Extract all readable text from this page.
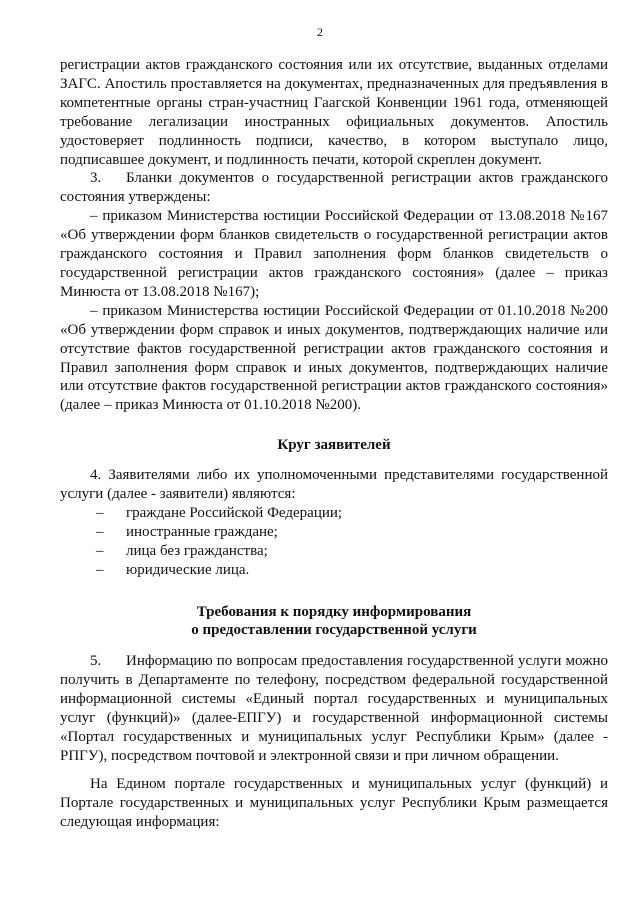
2

регистрации актов гражданского состояния или их отсутствие, выданных отделами ЗАГС. Апостиль проставляется на документах, предназначенных для предъявления в компетентные органы стран-участниц Гаагской Конвенции 1961 года, отменяющей требование легализации иностранных официальных документов. Апостиль удостоверяет подлинность подписи, качество, в котором выступало лицо, подписавшее документ, и подлинность печати, которой скреплен документ.

3. Бланки документов о государственной регистрации актов гражданского состояния утверждены:

– приказом Министерства юстиции Российской Федерации от 13.08.2018 №167 «Об утверждении форм бланков свидетельств о государственной регистрации актов гражданского состояния и Правил заполнения форм бланков свидетельств о государственной регистрации актов гражданского состояния» (далее – приказ Минюста от 13.08.2018 №167);

– приказом Министерства юстиции Российской Федерации от 01.10.2018 №200 «Об утверждении форм справок и иных документов, подтверждающих наличие или отсутствие фактов государственной регистрации актов гражданского состояния и Правил заполнения форм справок и иных документов, подтверждающих наличие или отсутствие фактов государственной регистрации актов гражданского состояния» (далее – приказ Минюста от 01.10.2018 №200).

Круг заявителей

4. Заявителями либо их уполномоченными представителями государственной услуги (далее - заявители) являются:

–	граждане Российской Федерации;
–	иностранные граждане;
–	лица без гражданства;
–	юридические лица.
Требования к порядку информирования
о предоставлении государственной услуги

5. Информацию по вопросам предоставления государственной услуги можно получить в Департаменте по телефону, посредством федеральной государственной информационной системы «Единый портал государственных и муниципальных услуг (функций)» (далее-ЕПГУ) и государственной информационной системы «Портал государственных и муниципальных услуг Республики Крым» (далее - РПГУ), посредством почтовой и электронной связи и при личном обращении.

На Едином портале государственных и муниципальных услуг (функций) и Портале государственных и муниципальных услуг Республики Крым размещается следующая информация:
